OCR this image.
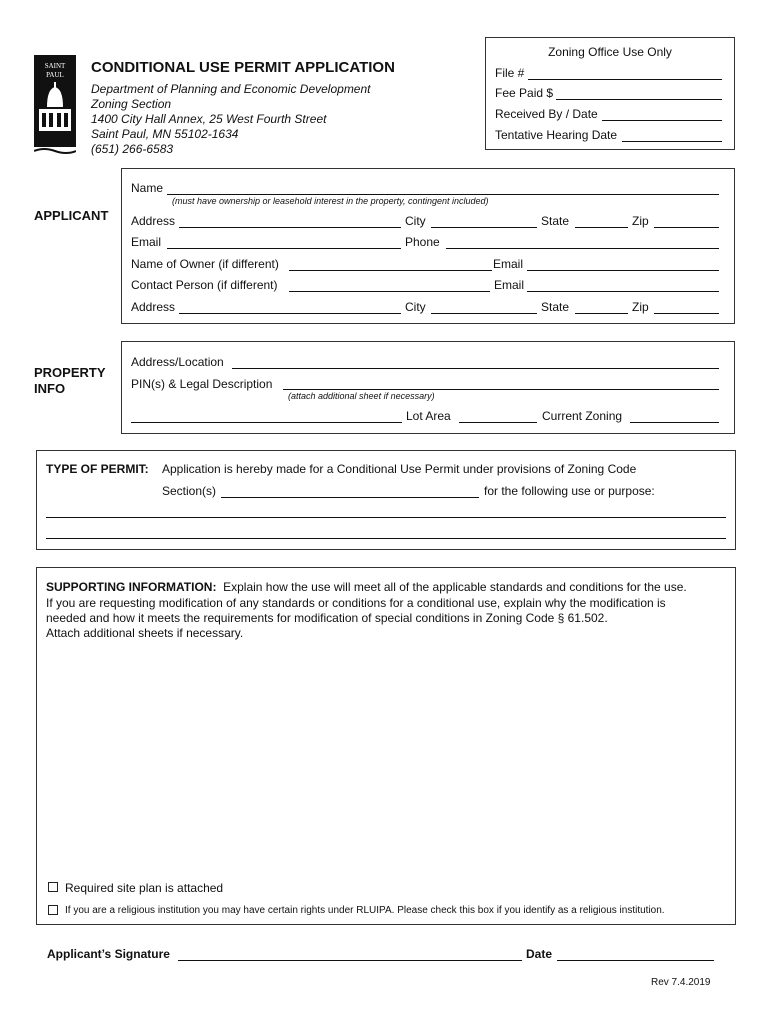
SAINT
PAUL CONDITIONAL USE PERMIT APPLICATION
Department of Planning and Economic Development
Zoning Section
1400 City Hall Annex, 25 West Fourth Street
Saint Paul, MN 55102-1634
(651) 266-6583
Zoning Office Use Only
File #
Fee Paid $
Received By / Date
Tentative Hearing Date
APPLICANT
Name
(must have ownership or leasehold interest in the property, contingent included)
Address	City	State	Zip
Email	Phone
Name of Owner (if different)	Email
Contact Person (if different)	Email
Address	City	State	Zip
PROPERTY
INFO
Address/Location
PIN(s) & Legal Description
(attach additional sheet if necessary)
Lot Area	Current Zoning
TYPE OF PERMIT: Application is hereby made for a Conditional Use Permit under provisions of Zoning Code
Section(s)	for the following use or purpose:
SUPPORTING INFORMATION: Explain how the use will meet all of the applicable standards and conditions for the use.
If you are requesting modification of any standards or conditions for a conditional use, explain why the modification is
needed and how it meets the requirements for modification of special conditions in Zoning Code § 61.502.
Attach additional sheets if necessary.
Required site plan is attached
If you are a religious institution you may have certain rights under RLUIPA. Please check this box if you identify as a religious institution.
Applicant’s Signature	Date
Rev 7.4.2019
